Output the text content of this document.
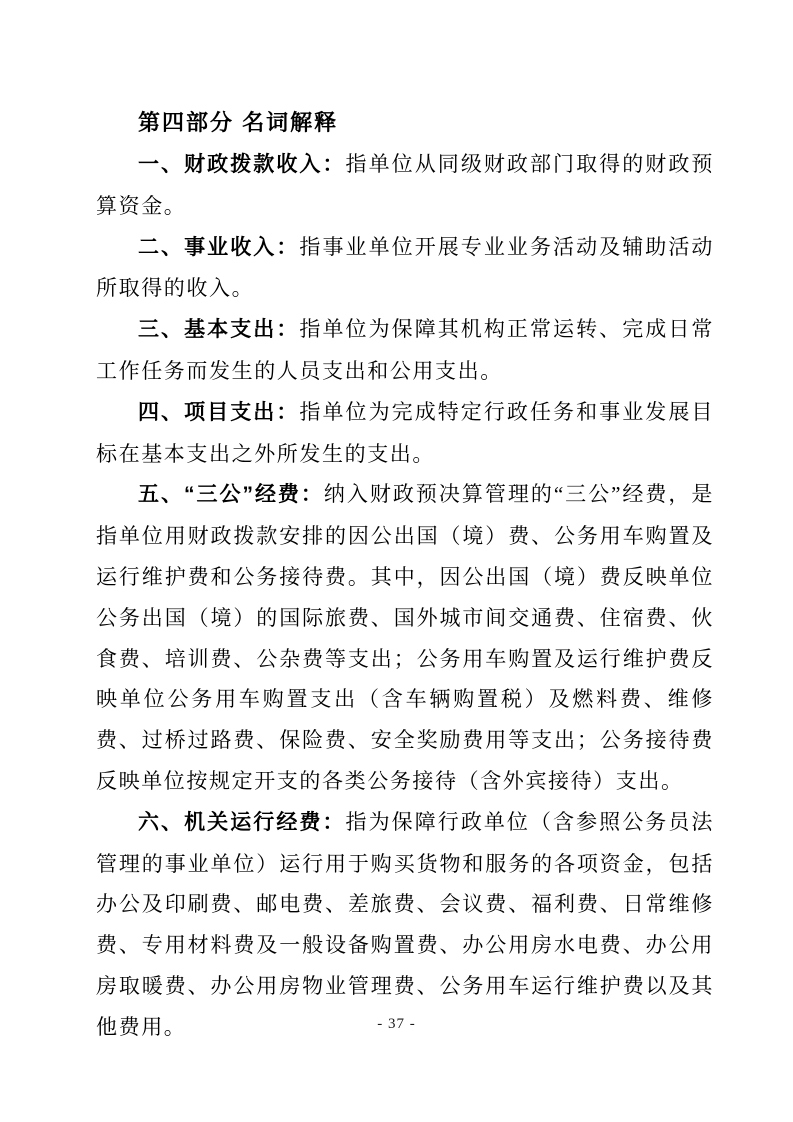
第四部分 名词解释

一、财政拨款收入：指单位从同级财政部门取得的财政预算资金。

二、事业收入：指事业单位开展专业业务活动及辅助活动所取得的收入。

三、基本支出：指单位为保障其机构正常运转、完成日常工作任务而发生的人员支出和公用支出。

四、项目支出：指单位为完成特定行政任务和事业发展目标在基本支出之外所发生的支出。

五、“三公”经费：纳入财政预决算管理的“三公”经费，是指单位用财政拨款安排的因公出国（境）费、公务用车购置及运行维护费和公务接待费。其中，因公出国（境）费反映单位公务出国（境）的国际旅费、国外城市间交通费、住宿费、伙食费、培训费、公杂费等支出；公务用车购置及运行维护费反映单位公务用车购置支出（含车辆购置税）及燃料费、维修费、过桥过路费、保险费、安全奖励费用等支出；公务接待费反映单位按规定开支的各类公务接待（含外宾接待）支出。

六、机关运行经费：指为保障行政单位（含参照公务员法管理的事业单位）运行用于购买货物和服务的各项资金，包括办公及印刷费、邮电费、差旅费、会议费、福利费、日常维修费、专用材料费及一般设备购置费、办公用房水电费、办公用房取暖费、办公用房物业管理费、公务用车运行维护费以及其他费用。	- 37 -
